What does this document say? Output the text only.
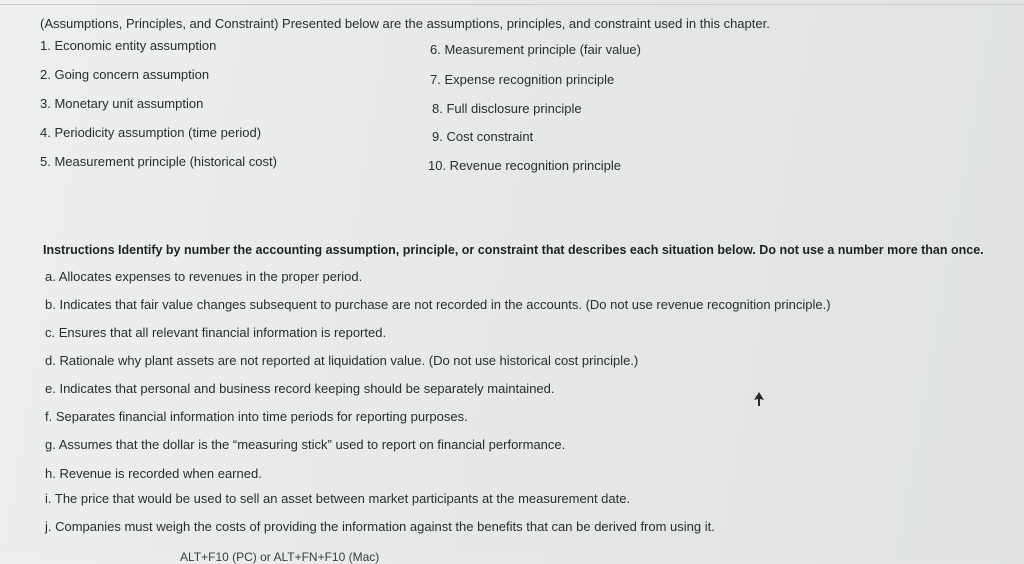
(Assumptions, Principles, and Constraint) Presented below are the assumptions, principles, and constraint used in this chapter.
1. Economic entity assumption
2. Going concern assumption
3. Monetary unit assumption
4. Periodicity assumption (time period)
5. Measurement principle (historical cost)
6. Measurement principle (fair value)
7. Expense recognition principle
8. Full disclosure principle
9. Cost constraint
10. Revenue recognition principle
Instructions Identify by number the accounting assumption, principle, or constraint that describes each situation below. Do not use a number more than once.
a. Allocates expenses to revenues in the proper period.
b. Indicates that fair value changes subsequent to purchase are not recorded in the accounts. (Do not use revenue recognition principle.)
c. Ensures that all relevant financial information is reported.
d. Rationale why plant assets are not reported at liquidation value. (Do not use historical cost principle.)
e. Indicates that personal and business record keeping should be separately maintained.
f. Separates financial information into time periods for reporting purposes.
g. Assumes that the dollar is the “measuring stick” used to report on financial performance.
h. Revenue is recorded when earned.
i. The price that would be used to sell an asset between market participants at the measurement date.
j. Companies must weigh the costs of providing the information against the benefits that can be derived from using it.
ALT+F10 (PC) or ALT+FN+F10 (Mac)
